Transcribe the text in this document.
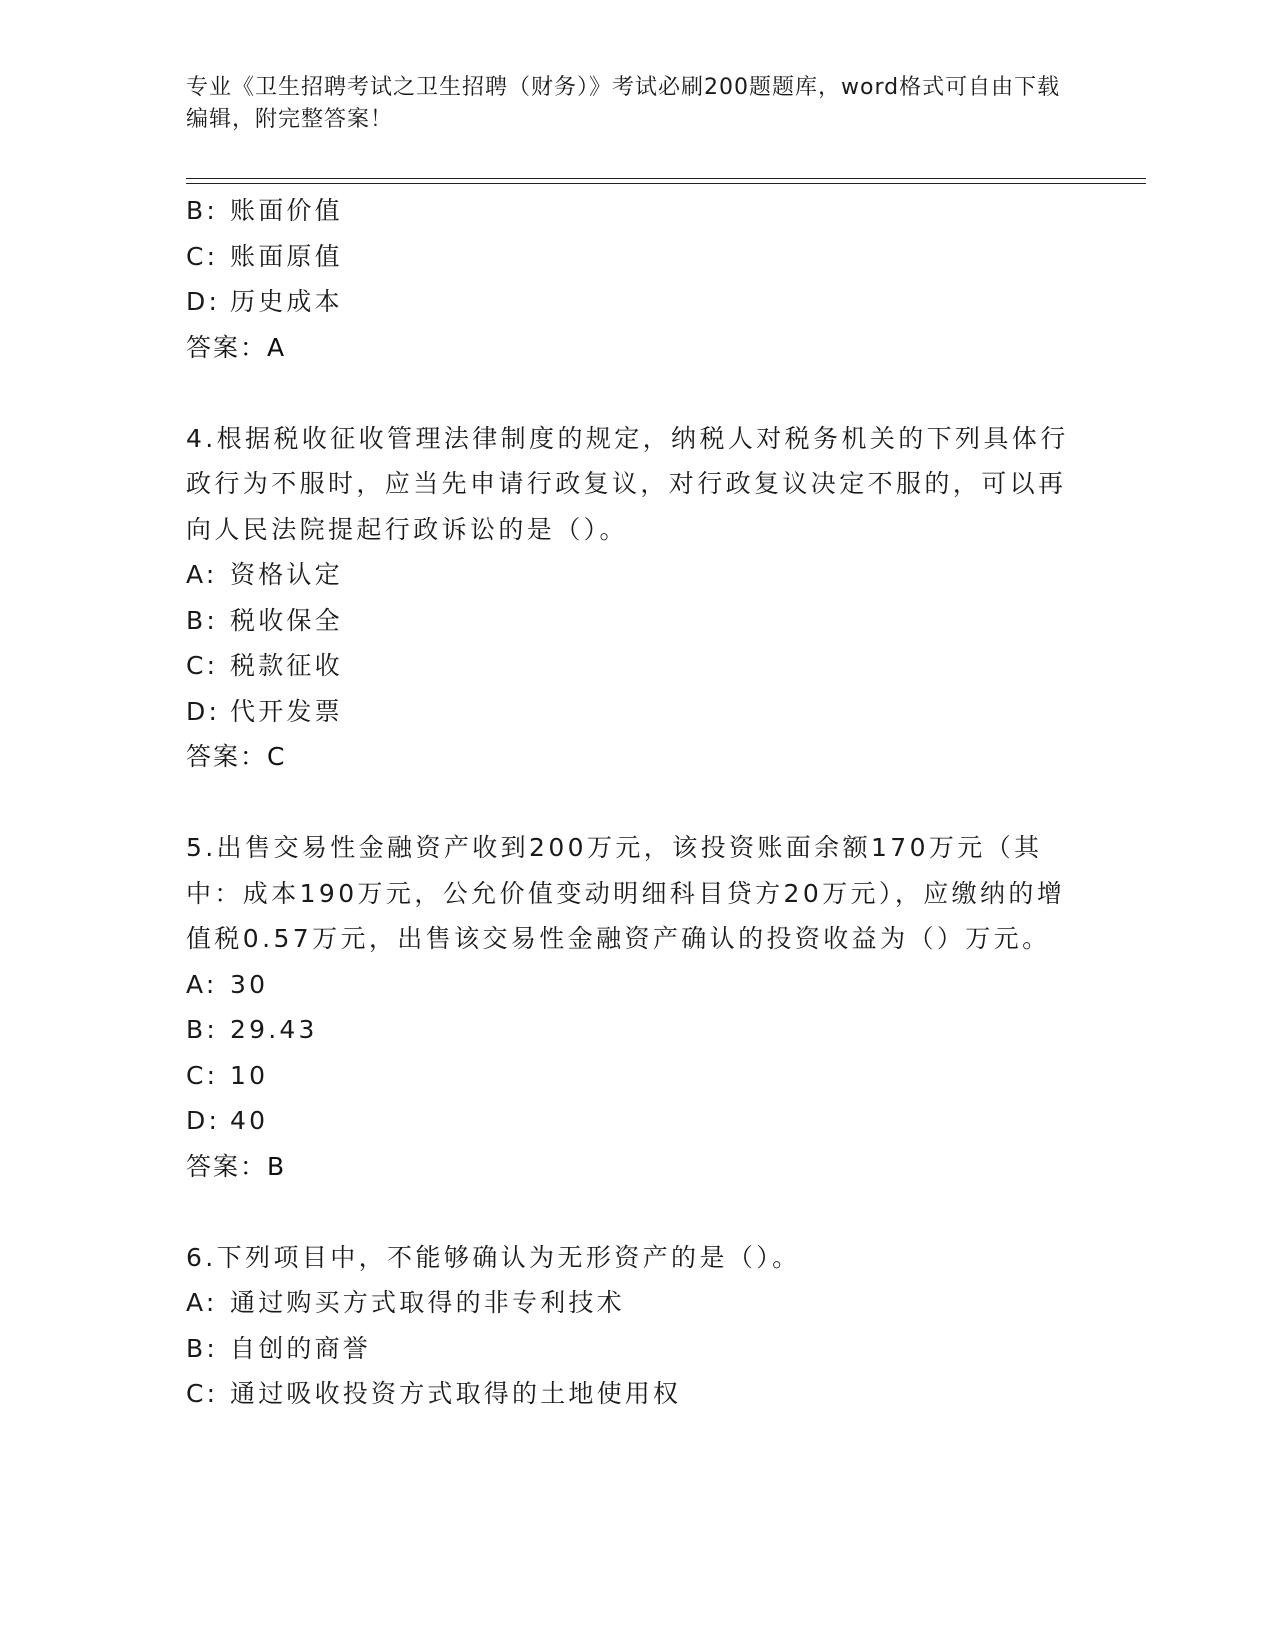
专业《卫生招聘考试之卫生招聘（财务）》考试必刷200题题库，word格式可自由下载编辑，附完整答案！
B: 账面价值
C: 账面原值
D: 历史成本
答案：A
4.根据税收征收管理法律制度的规定，纳税人对税务机关的下列具体行政行为不服时，应当先申请行政复议，对行政复议决定不服的，可以再向人民法院提起行政诉讼的是（）。
A: 资格认定
B: 税收保全
C: 税款征收
D: 代开发票
答案：C
5.出售交易性金融资产收到200万元，该投资账面余额170万元（其中：成本190万元，公允价值变动明细科目贷方20万元），应缴纳的增值税0.57万元，出售该交易性金融资产确认的投资收益为（）万元。
A: 30
B: 29.43
C: 10
D: 40
答案：B
6.下列项目中，不能够确认为无形资产的是（）。
A: 通过购买方式取得的非专利技术
B: 自创的商誉
C: 通过吸收投资方式取得的土地使用权
